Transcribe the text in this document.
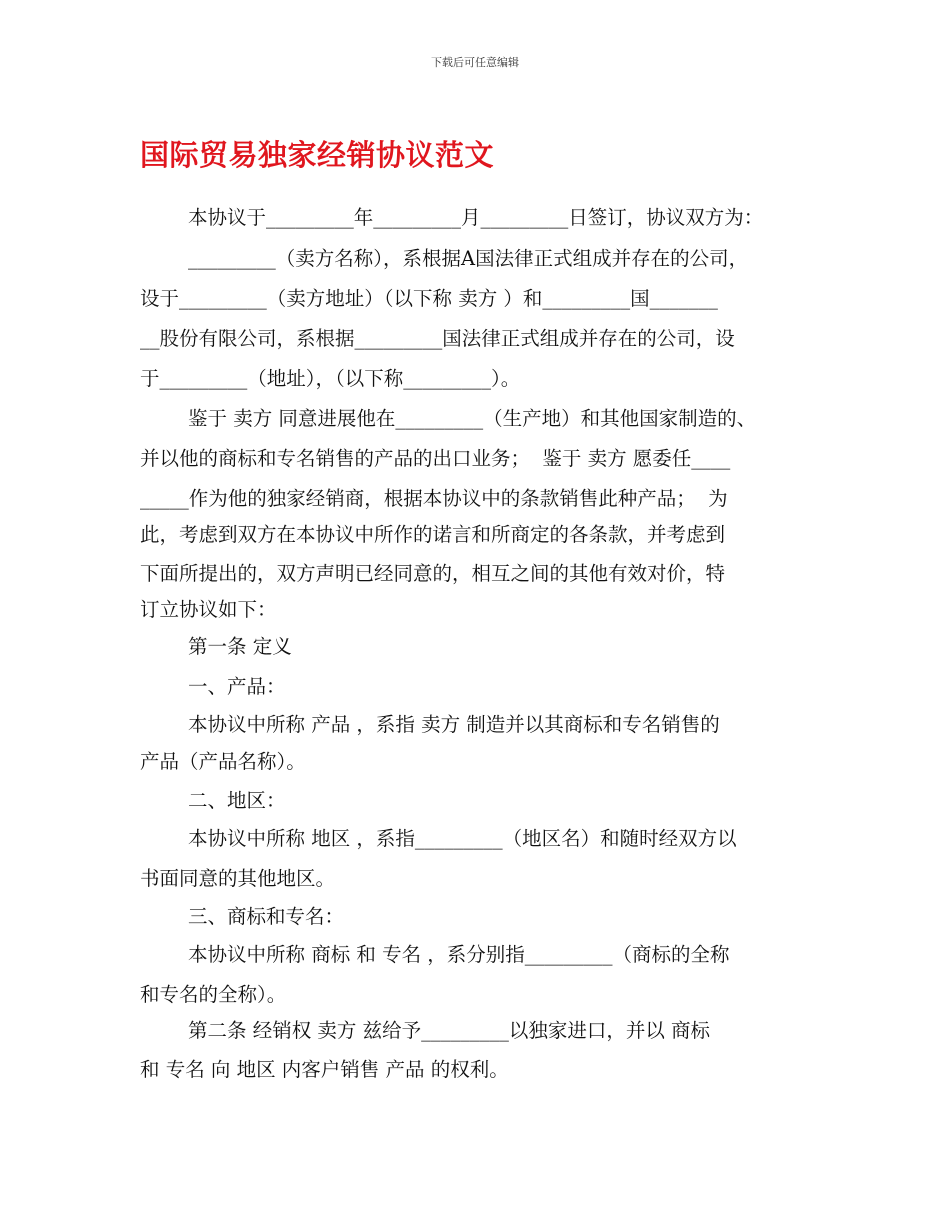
下载后可任意编辑
国际贸易独家经销协议范文
本协议于_________年_________月_________日签订，协议双方为：
_________（卖方名称），系根据A国法律正式组成并存在的公司，
设于_________（卖方地址）（以下称 卖方 ）和_________国_______
__股份有限公司，系根据_________国法律正式组成并存在的公司，设
于_________（地址），（以下称_________）。
鉴于 卖方 同意进展他在_________（生产地）和其他国家制造的、
并以他的商标和专名销售的产品的出口业务；  鉴于 卖方 愿委任____
_____作为他的独家经销商，根据本协议中的条款销售此种产品；  为
此，考虑到双方在本协议中所作的诺言和所商定的各条款，并考虑到
下面所提出的，双方声明已经同意的，相互之间的其他有效对价，特
订立协议如下：
第一条 定义
一、产品：
本协议中所称 产品 ，系指 卖方 制造并以其商标和专名销售的
产品（产品名称）。
二、地区：
本协议中所称 地区 ，系指_________（地区名）和随时经双方以
书面同意的其他地区。
三、商标和专名：
本协议中所称 商标 和 专名 ，系分别指_________（商标的全称
和专名的全称）。
第二条 经销权 卖方 兹给予_________以独家进口，并以 商标
和 专名 向 地区 内客户销售 产品 的权利。
